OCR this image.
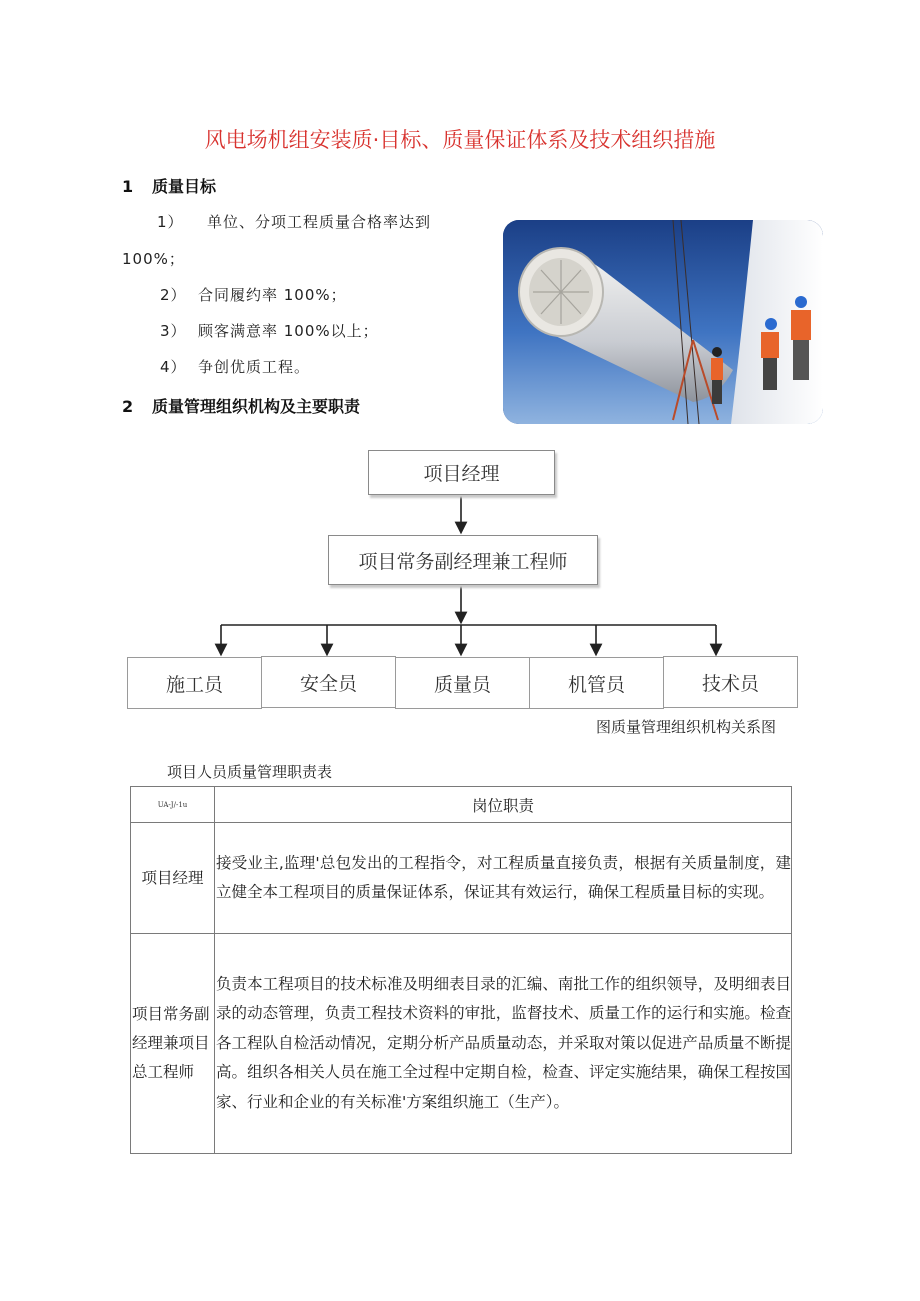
风电场机组安装质·目标、质量保证体系及技术组织措施
1 质量目标
1） 单位、分项工程质量合格率达到
100%；
2） 合同履约率 100%；
3） 顾客满意率 100%以上；
4） 争创优质工程。
2 质量管理组织机构及主要职责
项目经理
项目常务副经理兼工程师
施工员	安全员	质量员	机管员	技术员
图质量管理组织机构关系图
项目人员质量管理职责表
UA-J/-1u	岗位职责
项目经理	接受业主,监理'总包发出的工程指令，对工程质量直接负责，根据有关质量制度，建立健全本工程项目的质量保证体系，保证其有效运行，确保工程质量目标的实现。
项目常务副经理兼项目总工程师	负责本工程项目的技术标准及明细表目录的汇编、南批工作的组织领导，及明细表目录的动态管理，负责工程技术资料的审批，监督技术、质量工作的运行和实施。检查各工程队自检活动情况，定期分析产品质量动态，并采取对策以促进产品质量不断提高。组织各相关人员在施工全过程中定期自检，检查、评定实施结果，确保工程按国家、行业和企业的有关标准'方案组织施工（生产）。
